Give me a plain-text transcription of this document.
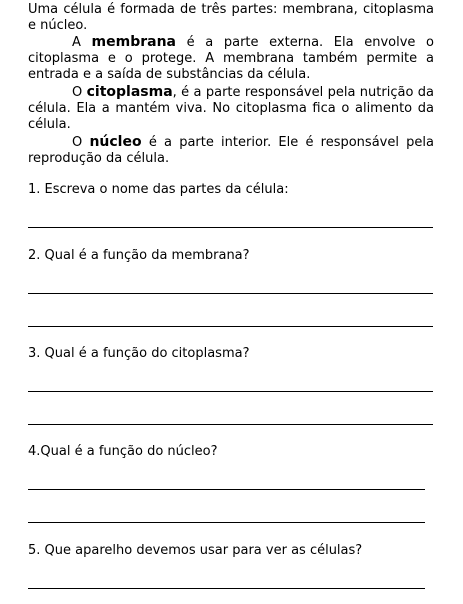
Uma célula é formada de três partes: membrana, citoplasma e núcleo.

A membrana é a parte externa. Ela envolve o citoplasma e o protege. A membrana também permite a entrada e a saída de substâncias da célula.

O citoplasma, é a parte responsável pela nutrição da célula. Ela a mantém viva. No citoplasma fica o alimento da célula.

O núcleo é a parte interior. Ele é responsável pela reprodução da célula.

1. Escreva o nome das partes da célula:

2. Qual é a função da membrana?

3. Qual é a função do citoplasma?

4.Qual é a função do núcleo?

5. Que aparelho devemos usar para ver as células?
